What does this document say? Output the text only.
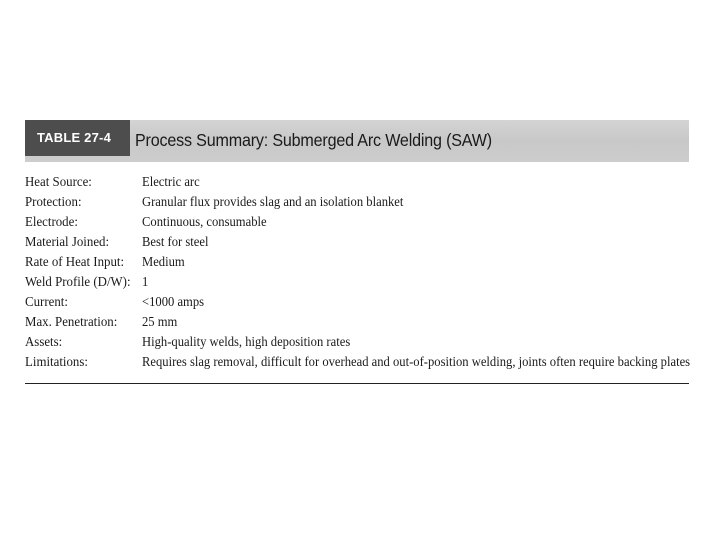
TABLE 27-4	Process Summary: Submerged Arc Welding (SAW)
Heat Source:	Electric arc
Protection:	Granular flux provides slag and an isolation blanket
Electrode:	Continuous, consumable
Material Joined: Best for steel
Rate of Heat Input: Medium
Weld Profile (D/W): 1
Current:	<1000 amps
Max. Penetration: 25 mm
Assets:	High-quality welds, high deposition rates
Limitations:	Requires slag removal, difficult for overhead and out-of-position welding, joints often require backing plates
